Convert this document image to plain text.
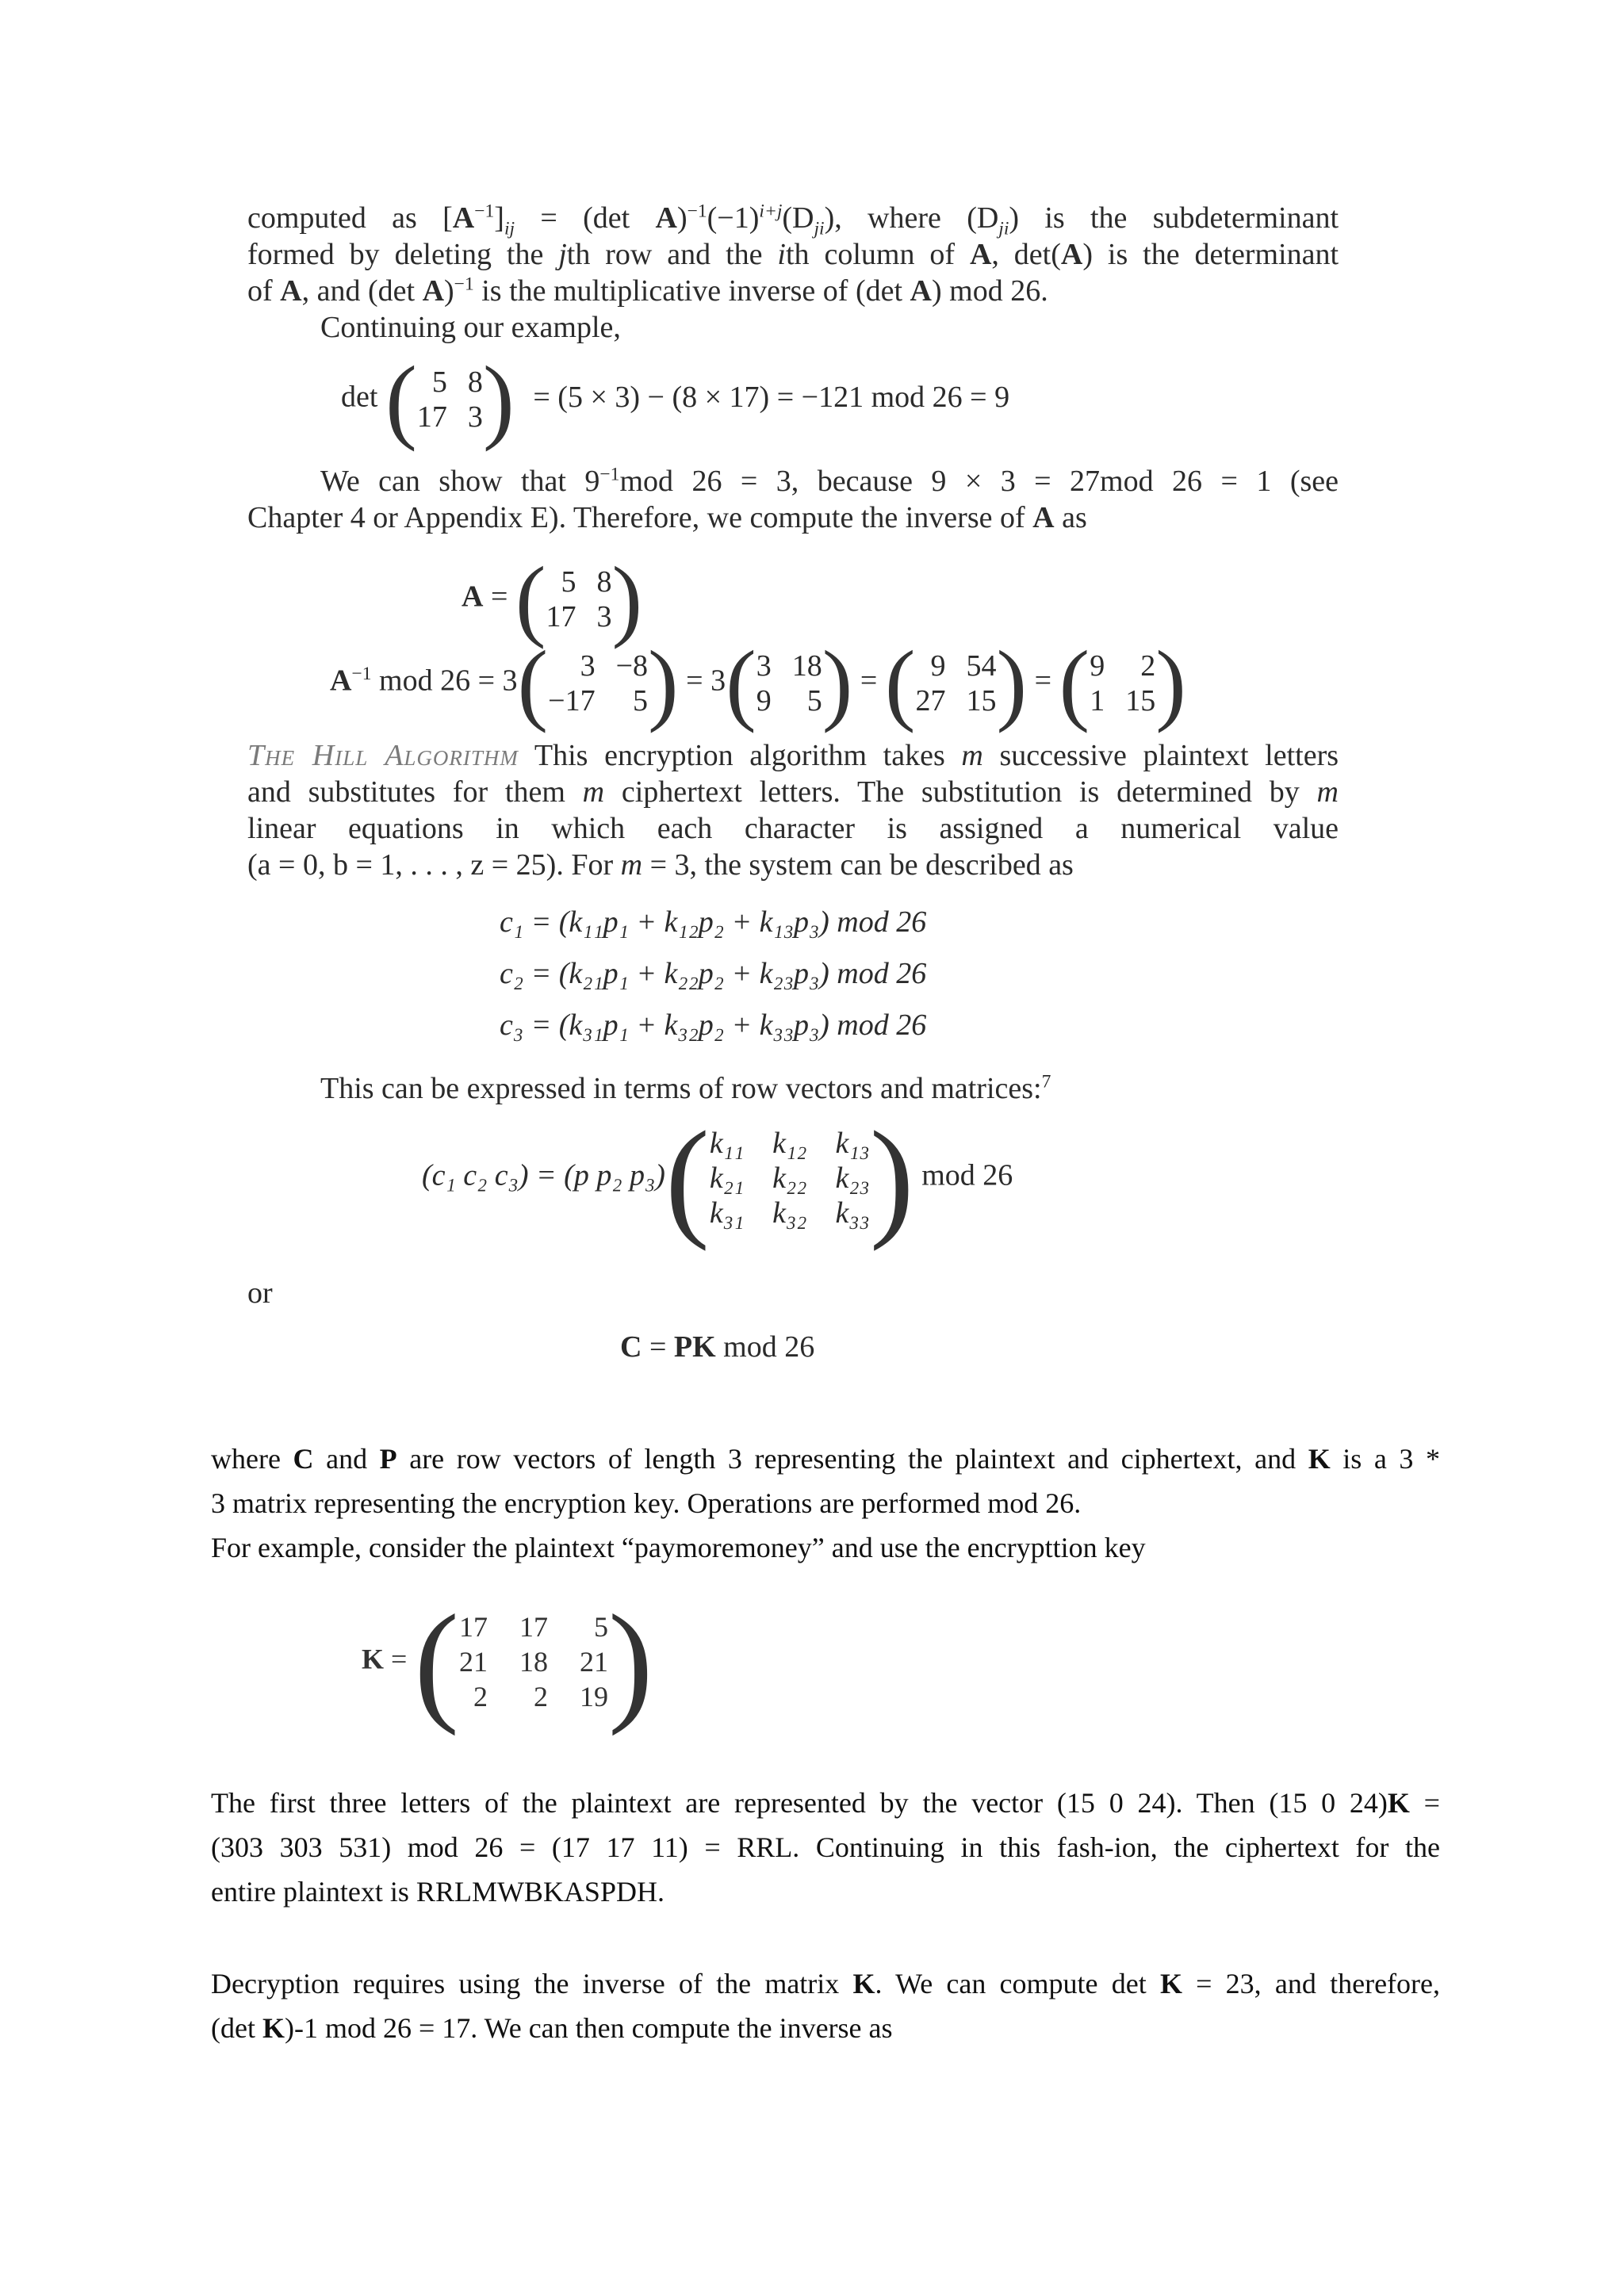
computed as $[A^{-1}]_{ij} = (\det$ $A)^{-1}(-1)^{i+j}(D_{ji})$, where $(D_{ji})$ is the subdeterminant
formed by deleting the jth row and the ith column of A, det(A) is the determinant
of A, and (det A)$^{-1}$ is the multiplicative inverse of (det A) mod 26.
Continuing our example,
det ( 5 8
17 3 ) = (5 × 3) − (8 × 17) = −121 mod 26 = 9
We can show that $9^{-1}mod$ 26 = 3, because 9 × 3 = 27mod 26 = 1 (see
Chapter 4 or Appendix E). Therefore, we compute the inverse of A as
A = ( 5 8
17 3 )
$A^{-1}$ mod 26 = 3 (	3 −8
−17	5 ) = 3 ( 3 18
9	5 ) = ( 9 54
27 15 ) = ( 9	2
1 15 )
The Hill Algorithm This encryption algorithm takes m successive plaintext letters
and substitutes for them m ciphertext letters. The substitution is determined by m
linear equations in which each character is assigned a numerical value
(a = 0, b = 1, . . . , z = 25). For m = 3, the system can be described as
c₁ = (k₁₁p₁ + k₁₂p₂ + k₁₃p₃) mod 26
c₂ = (k₂₁p₁ + k₂₂p₂ + k₂₃p₃) mod 26
c₃ = (k₃₁p₁ + k₃₂p₂ + k₃₃p₃) mod 26
This can be expressed in terms of row vectors and matrices:$^7$
(c₁ c₂ c₃) = (p p₂ p₃) ( k₁₁ k₁₂ k₁₃
k₂₁ k₂₂ k₂₃
k₃₁ k₃₂ k₃₃ ) mod 26
or
C = PK mod 26
where C and P are row vectors of length 3 representing the plaintext and ciphertext, and K is a 3 *
3 matrix representing the encryption key. Operations are performed mod 26.
For example, consider the plaintext “paymoremoney” and use the encrypttion key
K = ( 17 17	5
21 18 21
2	2 19 )
The first three letters of the plaintext are represented by the vector (15 0 24). Then (15 0 24)K =
(303 303 531) mod 26 = (17 17 11) = RRL. Continuing in this fash-ion, the ciphertext for the
entire plaintext is RRLMWBKASPDH.
Decryption requires using the inverse of the matrix K. We can compute det K = 23, and therefore,
(det K)-1 mod 26 = 17. We can then compute the inverse as
